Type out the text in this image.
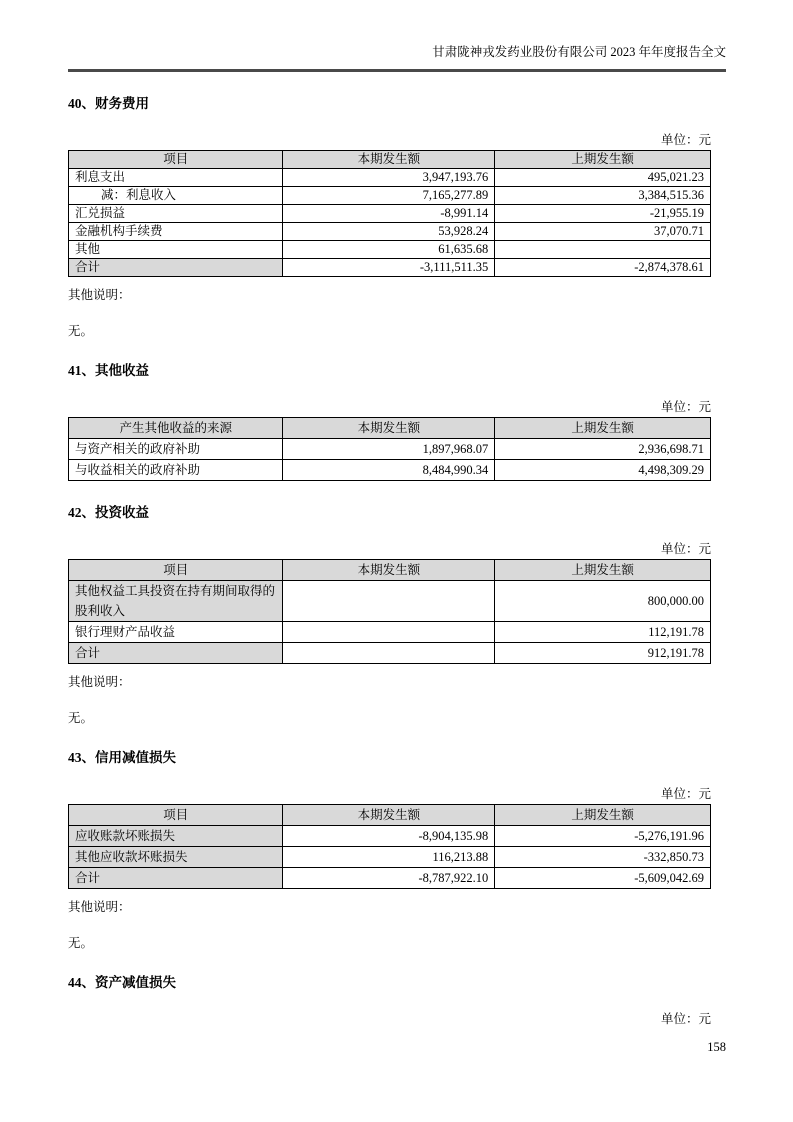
甘肃陇神戎发药业股份有限公司 2023 年年度报告全文
40、财务费用
单位：元
项目	本期发生额	上期发生额
利息支出	3,947,193.76	495,021.23
减：利息收入	7,165,277.89	3,384,515.36
汇兑损益	-8,991.14	-21,955.19
金融机构手续费	53,928.24	37,070.71
其他	61,635.68	
合计	-3,111,511.35	-2,874,378.61
其他说明：
无。
41、其他收益
单位：元
产生其他收益的来源	本期发生额	上期发生额
与资产相关的政府补助	1,897,968.07	2,936,698.71
与收益相关的政府补助	8,484,990.34	4,498,309.29
42、投资收益
单位：元
项目	本期发生额	上期发生额
其他权益工具投资在持有期间取得的股利收入		800,000.00
银行理财产品收益		112,191.78
合计		912,191.78
其他说明：
无。
43、信用减值损失
单位：元
项目	本期发生额	上期发生额
应收账款坏账损失	-8,904,135.98	-5,276,191.96
其他应收款坏账损失	116,213.88	-332,850.73
合计	-8,787,922.10	-5,609,042.69
其他说明：
无。
44、资产减值损失
单位：元
158
